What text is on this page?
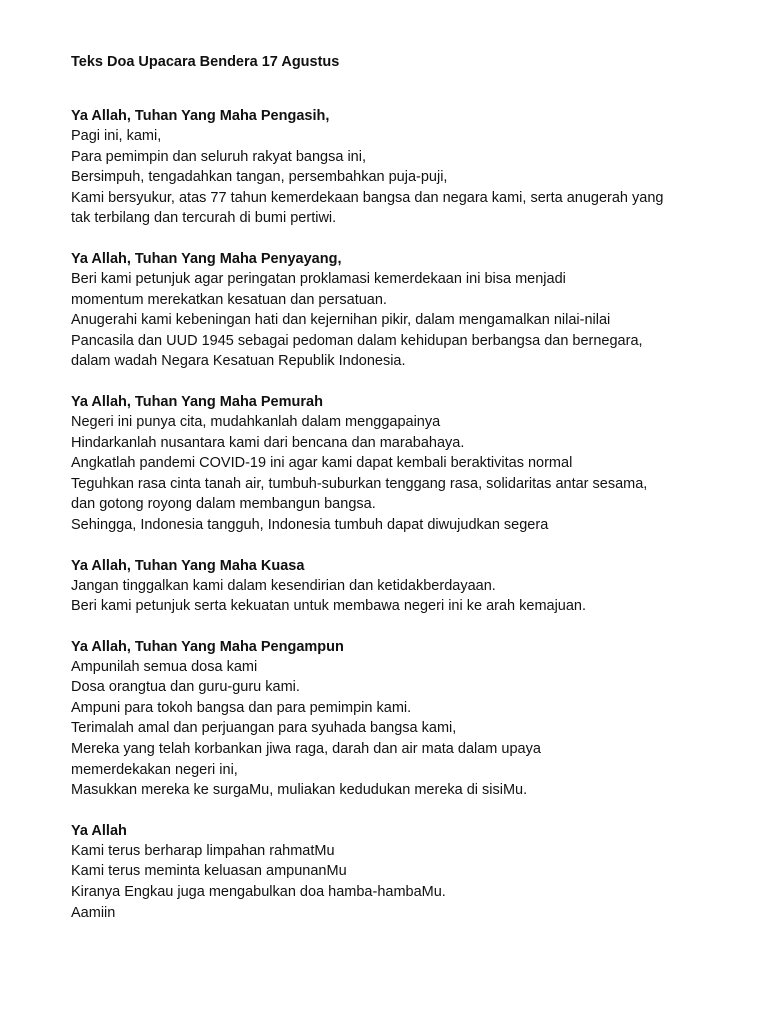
Teks Doa Upacara Bendera 17 Agustus

Ya Allah, Tuhan Yang Maha Pengasih,

Pagi ini, kami,

Para pemimpin dan seluruh rakyat bangsa ini,

Bersimpuh, tengadahkan tangan, persembahkan puja-puji,

Kami bersyukur, atas 77 tahun kemerdekaan bangsa dan negara kami, serta anugerah yang

tak terbilang dan tercurah di bumi pertiwi.

Ya Allah, Tuhan Yang Maha Penyayang,

Beri kami petunjuk agar peringatan proklamasi kemerdekaan ini bisa menjadi

momentum merekatkan kesatuan dan persatuan.

Anugerahi kami kebeningan hati dan kejernihan pikir, dalam mengamalkan nilai-nilai

Pancasila dan UUD 1945 sebagai pedoman dalam kehidupan berbangsa dan bernegara,

dalam wadah Negara Kesatuan Republik Indonesia.

Ya Allah, Tuhan Yang Maha Pemurah

Negeri ini punya cita, mudahkanlah dalam menggapainya

Hindarkanlah nusantara kami dari bencana dan marabahaya.

Angkatlah pandemi COVID-19 ini agar kami dapat kembali beraktivitas normal

Teguhkan rasa cinta tanah air, tumbuh-suburkan tenggang rasa, solidaritas antar sesama,

dan gotong royong dalam membangun bangsa.

Sehingga, Indonesia tangguh, Indonesia tumbuh dapat diwujudkan segera

Ya Allah, Tuhan Yang Maha Kuasa

Jangan tinggalkan kami dalam kesendirian dan ketidakberdayaan.

Beri kami petunjuk serta kekuatan untuk membawa negeri ini ke arah kemajuan.

Ya Allah, Tuhan Yang Maha Pengampun

Ampunilah semua dosa kami

Dosa orangtua dan guru-guru kami.

Ampuni para tokoh bangsa dan para pemimpin kami.

Terimalah amal dan perjuangan para syuhada bangsa kami,

Mereka yang telah korbankan jiwa raga, darah dan air mata dalam upaya

memerdekakan negeri ini,

Masukkan mereka ke surgaMu, muliakan kedudukan mereka di sisiMu.

Ya Allah

Kami terus berharap limpahan rahmatMu

Kami terus meminta keluasan ampunanMu

Kiranya Engkau juga mengabulkan doa hamba-hambaMu.

Aamiin
